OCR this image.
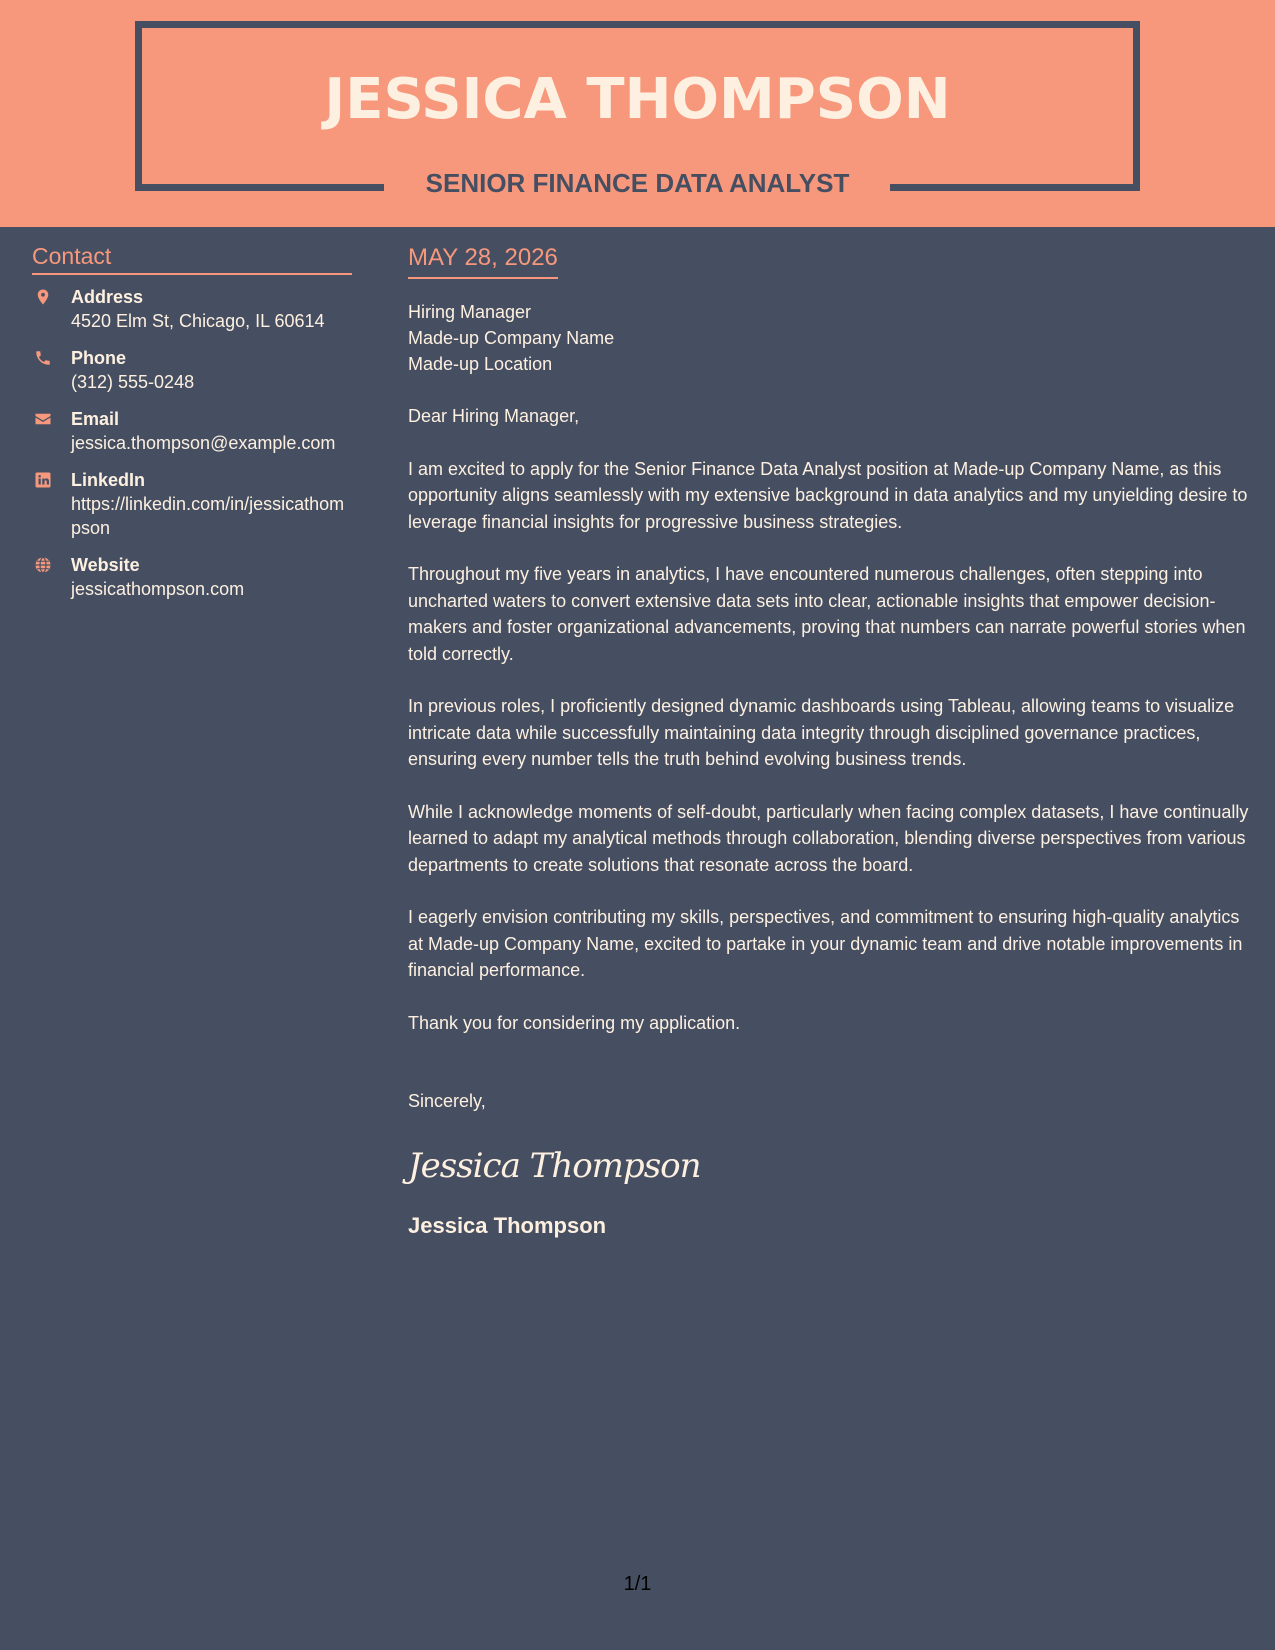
JESSICA THOMPSON
SENIOR FINANCE DATA ANALYST
Contact
Address
4520 Elm St, Chicago, IL 60614
Phone
(312) 555-0248
Email
jessica.thompson@example.com
LinkedIn
https://linkedin.com/in/jessicathompson
Website
jessicathompson.com
MAY 28, 2026
Hiring Manager
Made-up Company Name
Made-up Location

Dear Hiring Manager,

I am excited to apply for the Senior Finance Data Analyst position at Made-up Company Name, as this opportunity aligns seamlessly with my extensive background in data analytics and my unyielding desire to leverage financial insights for progressive business strategies.

Throughout my five years in analytics, I have encountered numerous challenges, often stepping into uncharted waters to convert extensive data sets into clear, actionable insights that empower decision-makers and foster organizational advancements, proving that numbers can narrate powerful stories when told correctly.

In previous roles, I proficiently designed dynamic dashboards using Tableau, allowing teams to visualize intricate data while successfully maintaining data integrity through disciplined governance practices, ensuring every number tells the truth behind evolving business trends.

While I acknowledge moments of self-doubt, particularly when facing complex datasets, I have continually learned to adapt my analytical methods through collaboration, blending diverse perspectives from various departments to create solutions that resonate across the board.

I eagerly envision contributing my skills, perspectives, and commitment to ensuring high-quality analytics at Made-up Company Name, excited to partake in your dynamic team and drive notable improvements in financial performance.

Thank you for considering my application.

Sincerely,
Jessica Thompson
Jessica Thompson
1/1
